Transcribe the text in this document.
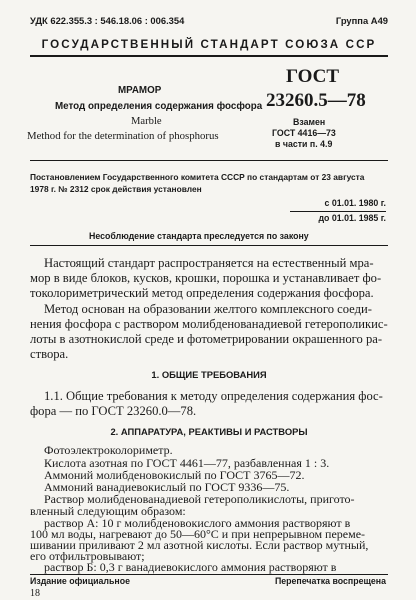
УДК 622.355.3 : 546.18.06 : 006.354	Группа А49
ГОСУДАРСТВЕННЫЙ СТАНДАРТ СОЮЗА ССР
МРАМОР
Метод определения содержания фосфора
Marble
Method for the determination of phosphorus
ГОСТ
23260.5—78
Взамен
ГОСТ 4416—73
в части п. 4.9
Постановлением Государственного комитета СССР по стандартам от 23 августа
1978 г. № 2312 срок действия установлен
с 01.01. 1980 г.
до 01.01. 1985 г.
Несоблюдение стандарта преследуется по закону
Настоящий стандарт распространяется на естественный мра-
мор в виде блоков, кусков, крошки, порошка и устанавливает фо-
токолориметрический метод определения содержания фосфора.
Метод основан на образовании желтого комплексного соеди-
нения фосфора с раствором молибденованадиевой гетерополикис-
лоты в азотнокислой среде и фотометрировании окрашенного ра-
створа.
1. ОБЩИЕ ТРЕБОВАНИЯ
1.1. Общие требования к методу определения содержания фос-
фора — по ГОСТ 23260.0—78.
2. АППАРАТУРА, РЕАКТИВЫ И РАСТВОРЫ
Фотоэлектроколориметр.
Кислота азотная по ГОСТ 4461—77, разбавленная 1 : 3.
Аммоний молибденовокислый по ГОСТ 3765—72.
Аммоний ванадиевокислый по ГОСТ 9336—75.
Раствор молибденованадиевой гетерополикислоты, пригото-
вленный следующим образом:
раствор А: 10 г молибденовокислого аммония растворяют в
100 мл воды, нагревают до 50—60°С и при непрерывном переме-
шивании приливают 2 мл азотной кислоты. Если раствор мутный,
его отфильтровывают;
раствор Б: 0,3 г ванадиевокислого аммония растворяют в
Издание официальное	Перепечатка воспрещена
18
